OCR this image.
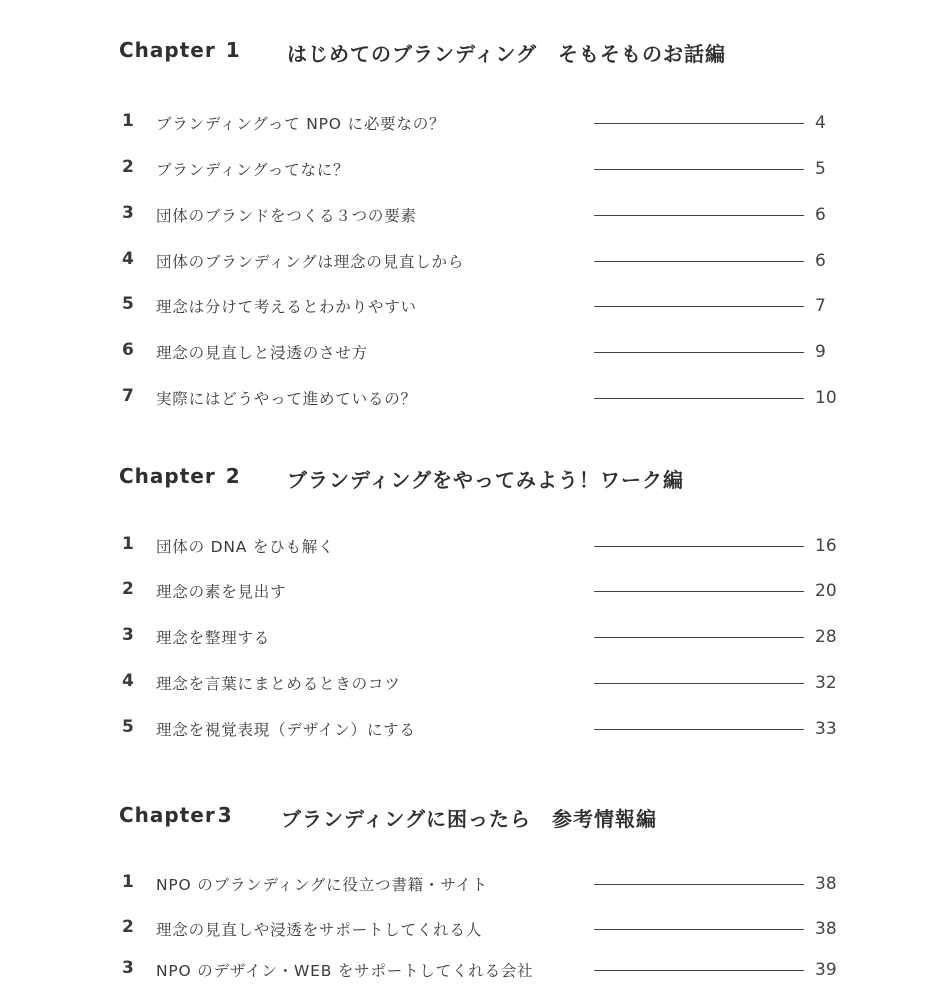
Chapter 1 はじめてのブランディング　そもそものお話編
1 ブランディングって NPO に必要なの？	4
2 ブランディングってなに？	5
3 団体のブランドをつくる３つの要素	6
4 団体のブランディングは理念の見直しから	6
5 理念は分けて考えるとわかりやすい	7
6 理念の見直しと浸透のさせ方	9
7 実際にはどうやって進めているの？	10
Chapter 2 ブランディングをやってみよう！ワーク編
1 団体の DNA をひも解く	16
2 理念の素を見出す	20
3 理念を整理する	28
4 理念を言葉にまとめるときのコツ	32
5 理念を視覚表現（デザイン）にする	33
Chapter 3 ブランディングに困ったら　参考情報編
1 NPO のブランディングに役立つ書籍・サイト	38
2 理念の見直しや浸透をサポートしてくれる人	38
3 NPO のデザイン・WEB をサポートしてくれる会社	39
